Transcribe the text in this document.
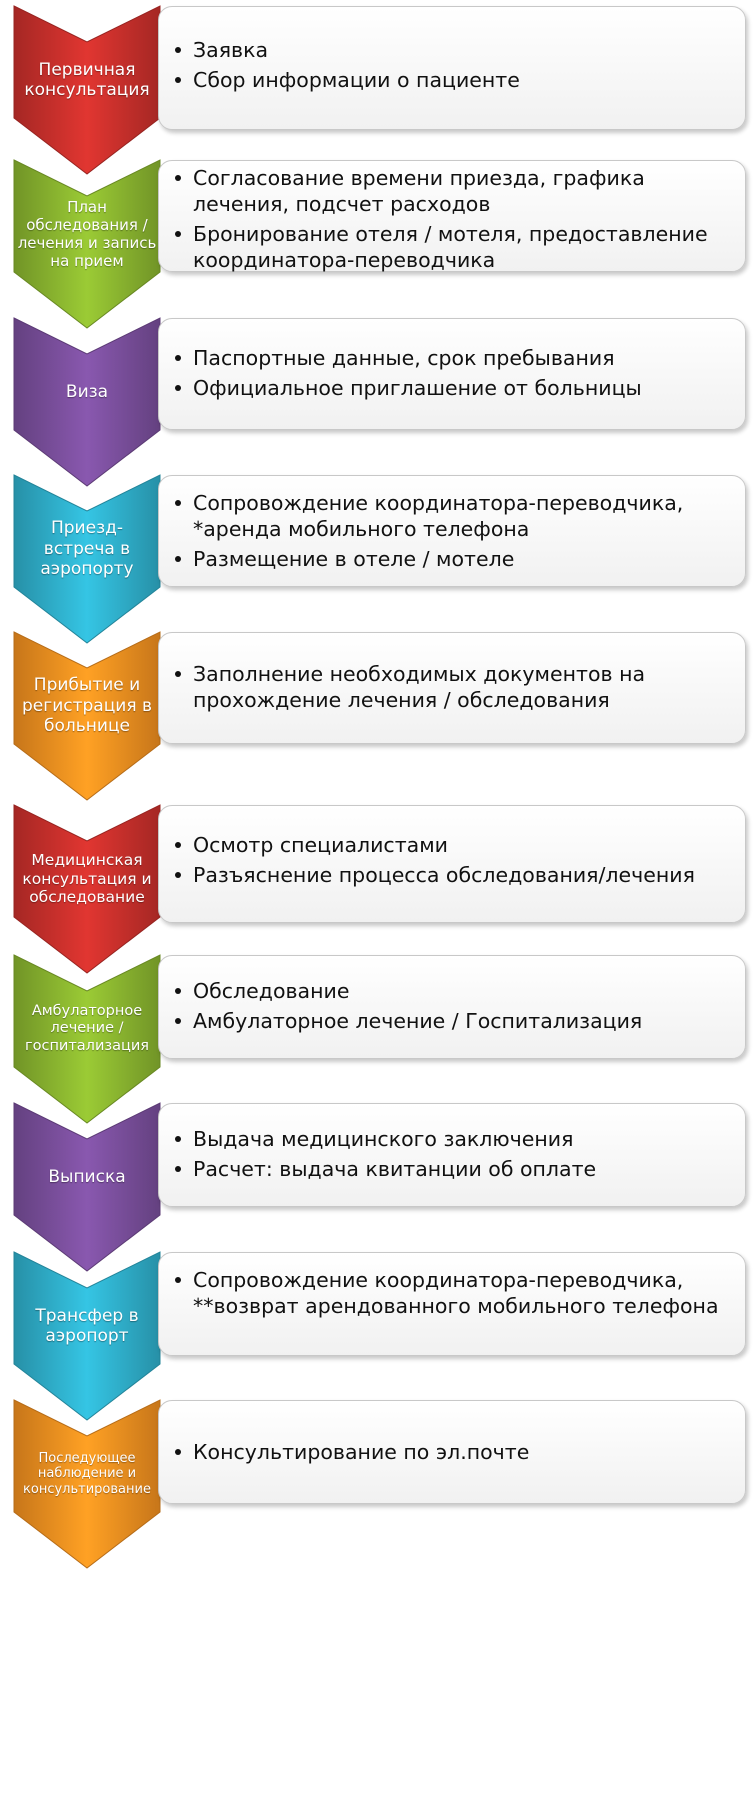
Первичная консультация
Заявка
Сбор информации о пациенте
План обследования / лечения и запись на прием
Согласование времени приезда, графика лечения, подсчет расходов
Бронирование отеля / мотеля, предоставление координатора-переводчика
Виза
Паспортные данные, срок пребывания
Официальное приглашение от больницы
Приезд-встреча в аэропорту
Сопровождение координатора-переводчика, *аренда мобильного телефона
Размещение в отеле / мотеле
Прибытие и регистрация в больнице
Заполнение необходимых документов на прохождение лечения / обследования
Медицинская консультация и обследование
Осмотр специалистами
Разъяснение процесса обследования/лечения
Амбулаторное лечение / госпитализация
Обследование
Амбулаторное лечение / Госпитализация
Выписка
Выдача медицинского заключения
Расчет: выдача квитанции об оплате
Трансфер в аэропорт
Сопровождение координатора-переводчика, **возврат арендованного мобильного телефона
Последующее наблюдение и консультирование
Консультирование по эл.почте
